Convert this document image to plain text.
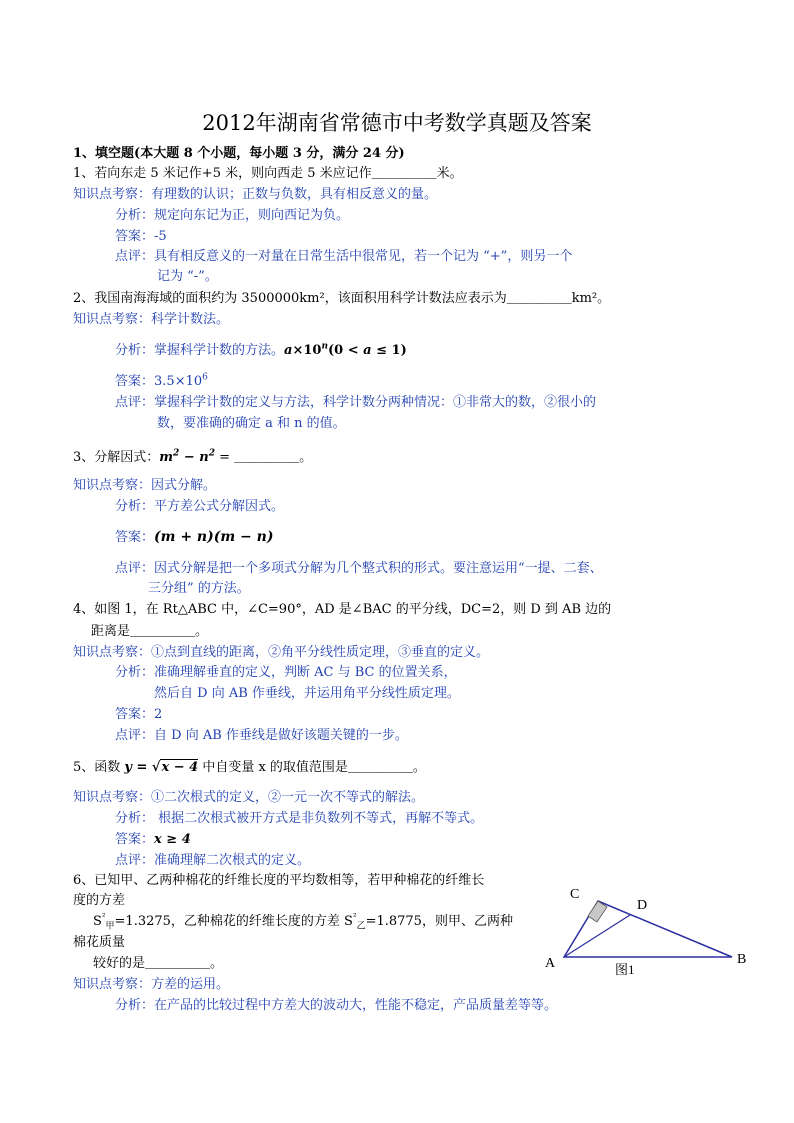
2012年湖南省常德市中考数学真题及答案
1、填空题(本大题 8 个小题，每小题 3 分，满分 24 分)
1、若向东走 5 米记作+5 米，则向西走 5 米应记作＿＿＿＿＿米。
知识点考察：有理数的认识；正数与负数，具有相反意义的量。
分析：规定向东记为正，则向西记为负。
答案：-5
点评：具有相反意义的一对量在日常生活中很常见，若一个记为 “+”，则另一个
记为 “-”。
2、我国南海海域的面积约为 3500000km²，该面积用科学计数法应表示为＿＿＿＿＿km²。
知识点考察：科学计数法。
分析：掌握科学计数的方法。$a\times 10^n(0 < a \le 1)$
答案：$3.5\times 10^6$
点评：掌握科学计数的定义与方法，科学计数分两种情况：①非常大的数，②很小的
数，要准确的确定 a 和 n 的值。
3、分解因式：$m^2 - n^2$ = ＿＿＿＿＿。
知识点考察：因式分解。
分析：平方差公式分解因式。
答案：(m + n)(m − n)
点评：因式分解是把一个多项式分解为几个整式积的形式。要注意运用“一提、二套、
三分组” 的方法。
4、如图 1，在 Rt△ABC 中，∠C=90°，AD 是∠BAC 的平分线，DC=2，则 D 到 AB 边的
距离是＿＿＿＿＿。
知识点考察：①点到直线的距离，②角平分线性质定理，③垂直的定义。
分析：准确理解垂直的定义，判断 AC 与 BC 的位置关系，
然后自 D 向 AB 作垂线，并运用角平分线性质定理。
答案：2
点评：自 D 向 AB 作垂线是做好该题关键的一步。
5、函数 y = √x − 4 中自变量 x 的取值范围是＿＿＿＿＿。
知识点考察：①二次根式的定义，②一元一次不等式的解法。
分析： 根据二次根式被开方式是非负数列不等式，再解不等式。
答案：x ≥ 4
点评：准确理解二次根式的定义。
6、已知甲、乙两种棉花的纤维长度的平均数相等，若甲种棉花的纤维长
度的方差
$S^{^2}_甲=1.3275$，乙种棉花的纤维长度的方差 $S^{^2}_乙=1.8775$，则甲、乙两种
棉花质量
较好的是＿＿＿＿＿。
知识点考察：方差的运用。
分析：在产品的比较过程中方差大的波动大，性能不稳定，产品质量差等等。
C
D
A	B
图1
